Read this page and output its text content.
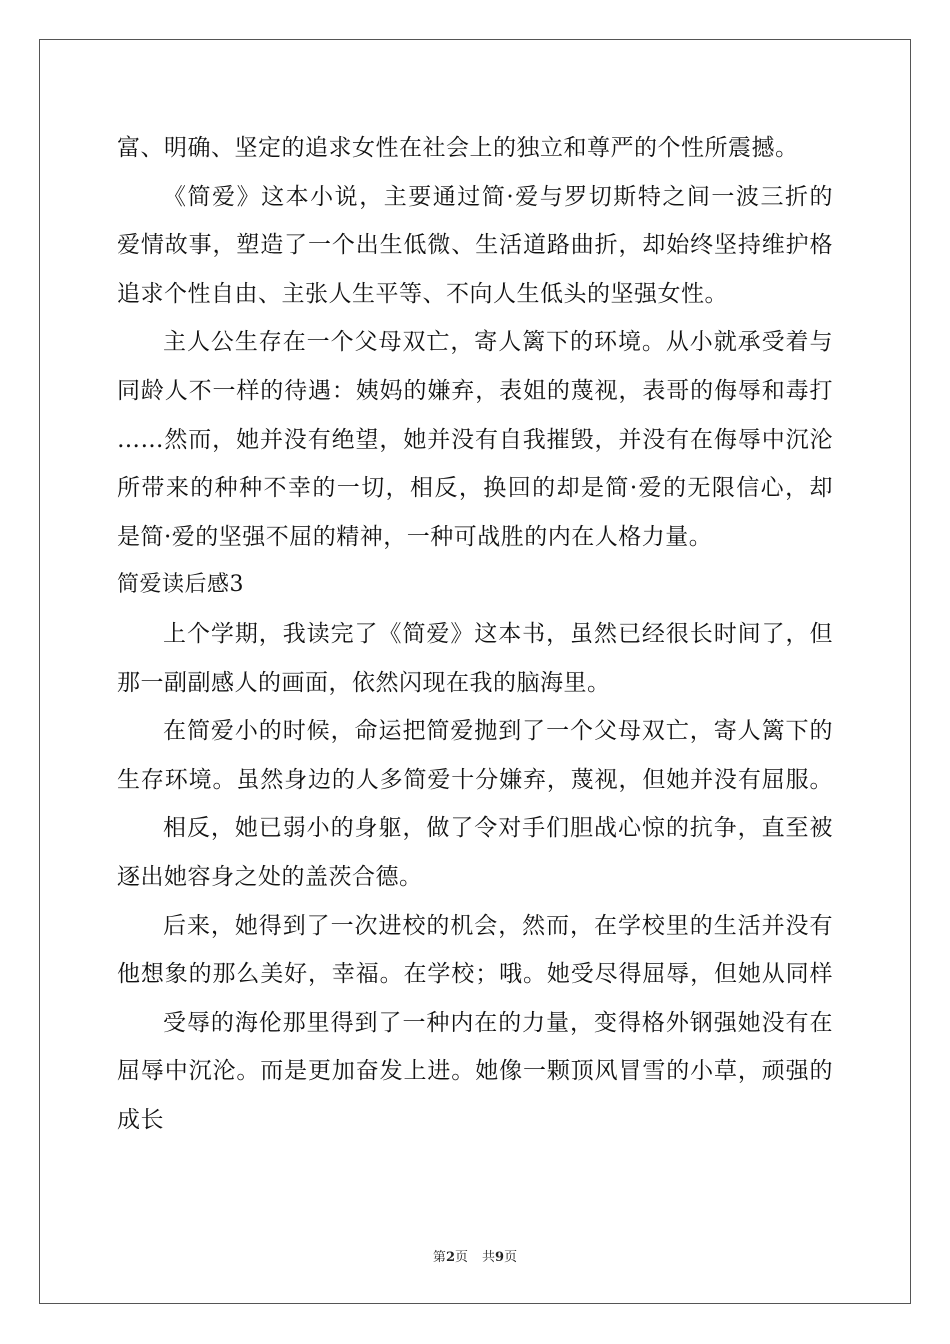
富、明确、坚定的追求女性在社会上的独立和尊严的个性所震撼。
《简爱》这本小说，主要通过简·爱与罗切斯特之间一波三折的
爱情故事，塑造了一个出生低微、生活道路曲折，却始终坚持维护格
追求个性自由、主张人生平等、不向人生低头的坚强女性。
主人公生存在一个父母双亡，寄人篱下的环境。从小就承受着与
同龄人不一样的待遇：姨妈的嫌弃，表姐的蔑视，表哥的侮辱和毒打
……然而，她并没有绝望，她并没有自我摧毁，并没有在侮辱中沉沦
所带来的种种不幸的一切，相反，换回的却是简·爱的无限信心，却
是简·爱的坚强不屈的精神，一种可战胜的内在人格力量。
简爱读后感3
上个学期，我读完了《简爱》这本书，虽然已经很长时间了，但
那一副副感人的画面，依然闪现在我的脑海里。
在简爱小的时候，命运把简爱抛到了一个父母双亡，寄人篱下的
生存环境。虽然身边的人多简爱十分嫌弃，蔑视，但她并没有屈服。
相反，她已弱小的身躯，做了令对手们胆战心惊的抗争，直至被
逐出她容身之处的盖茨合德。
后来，她得到了一次进校的机会，然而，在学校里的生活并没有
他想象的那么美好，幸福。在学校；哦。她受尽得屈辱，但她从同样
受辱的海伦那里得到了一种内在的力量，变得格外钢强她没有在
屈辱中沉沦。而是更加奋发上进。她像一颗顶风冒雪的小草，顽强的
成长
第2页 共9页
